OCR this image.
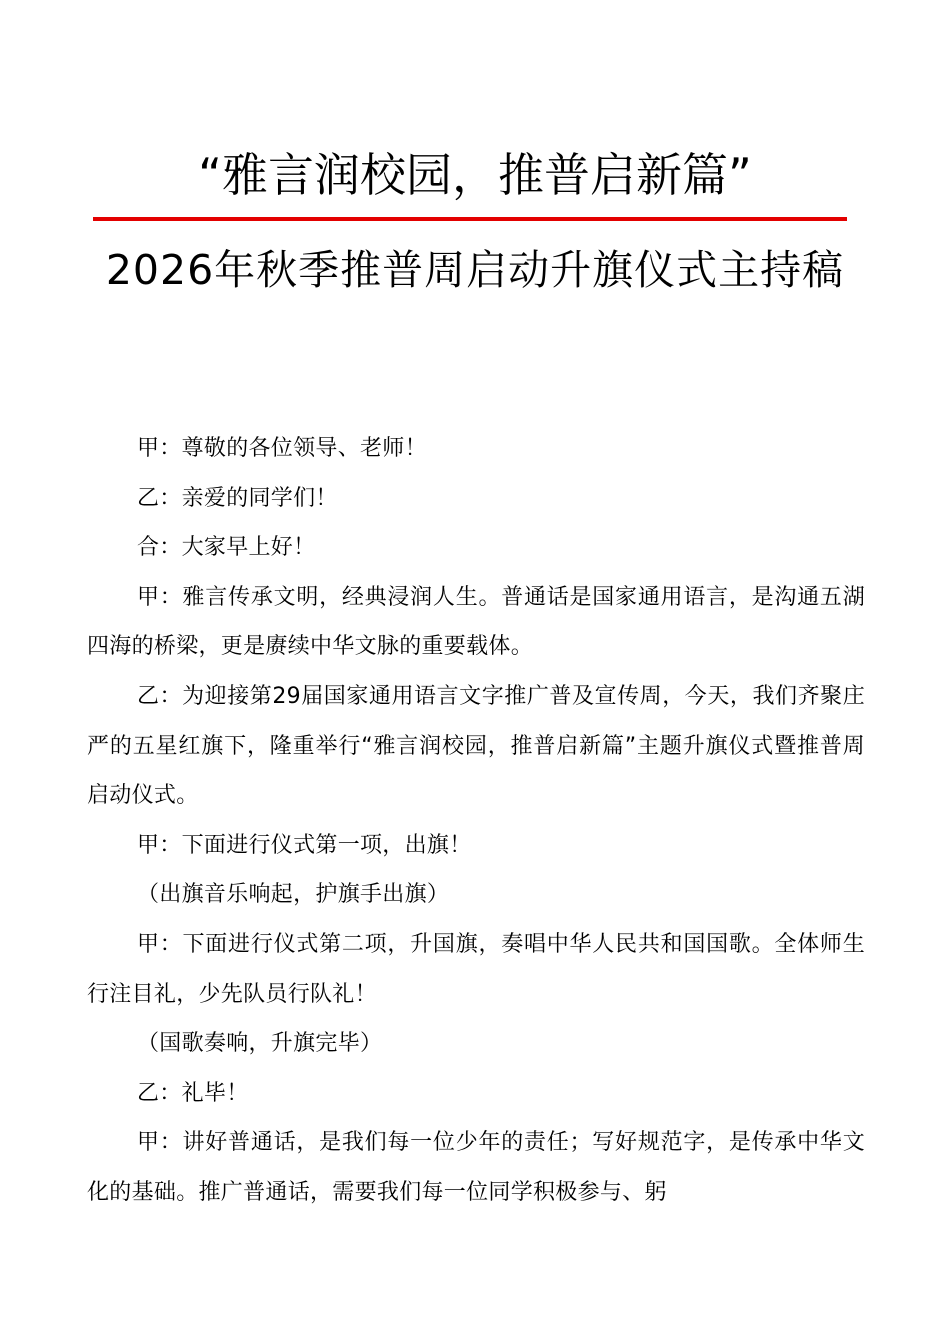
“雅言润校园，推普启新篇”
2026年秋季推普周启动升旗仪式主持稿

甲：尊敬的各位领导、老师！

乙：亲爱的同学们！

合：大家早上好！

甲：雅言传承文明，经典浸润人生。普通话是国家通用语言，是沟通五湖四海的桥梁，更是赓续中华文脉的重要载体。

乙：为迎接第29届国家通用语言文字推广普及宣传周，今天，我们齐聚庄严的五星红旗下，隆重举行“雅言润校园，推普启新篇”主题升旗仪式暨推普周启动仪式。

甲：下面进行仪式第一项，出旗！

（出旗音乐响起，护旗手出旗）

甲：下面进行仪式第二项，升国旗，奏唱中华人民共和国国歌。全体师生行注目礼，少先队员行队礼！

（国歌奏响，升旗完毕）

乙：礼毕！

甲：讲好普通话，是我们每一位少年的责任；写好规范字，是传承中华文化的基础。推广普通话，需要我们每一位同学积极参与、躬
